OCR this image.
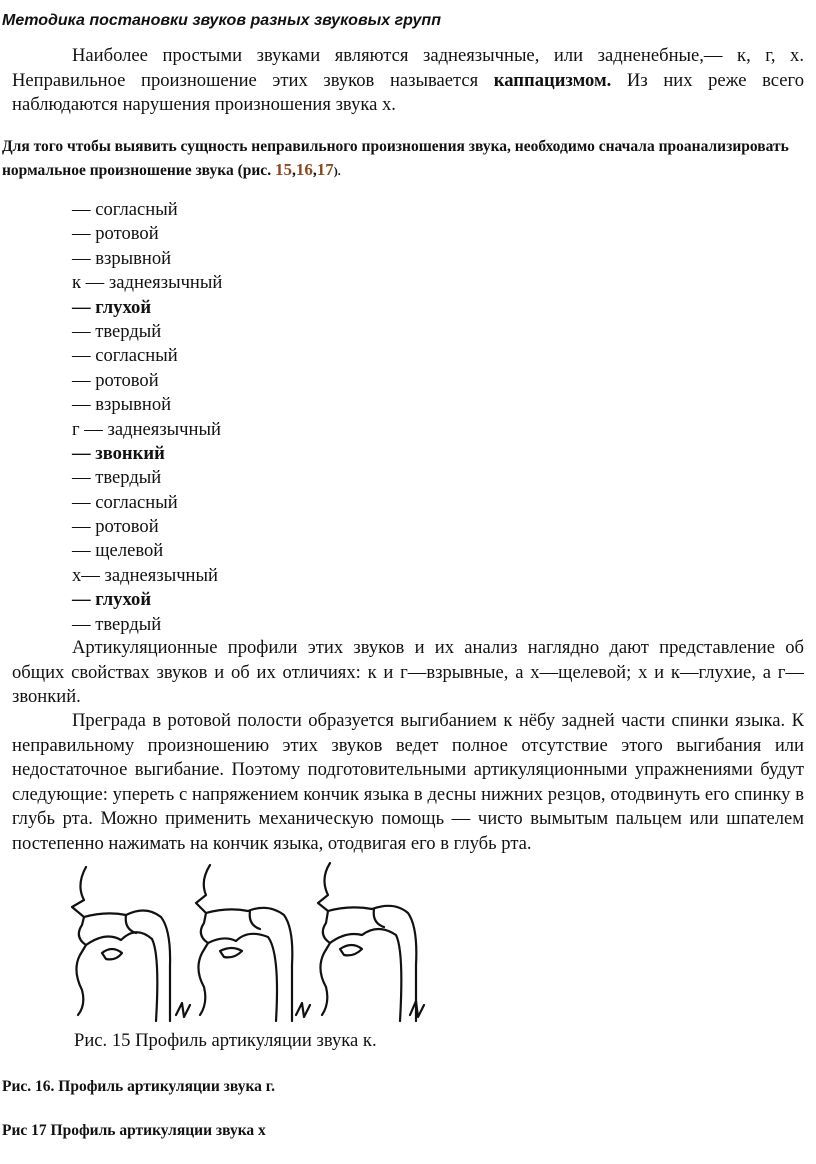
Методика постановки звуков разных звуковых групп

Наиболее простыми звуками являются заднеязычные, или задненебные,— к, г, х. Неправильное произношение этих звуков называется каппацизмом. Из них реже всего наблюдаются нарушения произношения звука х.

Для того чтобы выявить сущность неправильного произношения звука, необходимо сначала проанализировать нормальное произношение звука (рис. 15,16,17).

— согласный
— ротовой
— взрывной
к — заднеязычный
— глухой
— твердый
— согласный
— ротовой
— взрывной
г — заднеязычный
— звонкий
— твердый
— согласный
— ротовой
— щелевой
х— заднеязычный
— глухой
— твердый

Артикуляционные профили этих звуков и их анализ наглядно дают представление об общих свойствах звуков и об их отличиях: к и г—взрывные, а х—щелевой; х и к—глухие, а г— звонкий.

Преграда в ротовой полости образуется выгибанием к нёбу задней части спинки языка. К неправильному произношению этих звуков ведет полное отсутствие этого выгибания или недостаточное выгибание. Поэтому подготовительными артикуляционными упражнениями будут следующие: упереть с напряжением кончик языка в десны нижних резцов, отодвинуть его спинку в глубь рта. Можно применить механическую помощь — чисто вымытым пальцем или шпателем постепенно нажимать на кончик языка, отодвигая его в глубь рта.

Рис. 15 Профиль артикуляции звука к.
Рис. 16. Профиль артикуляции звука г.
Рис 17 Профиль артикуляции звука х
